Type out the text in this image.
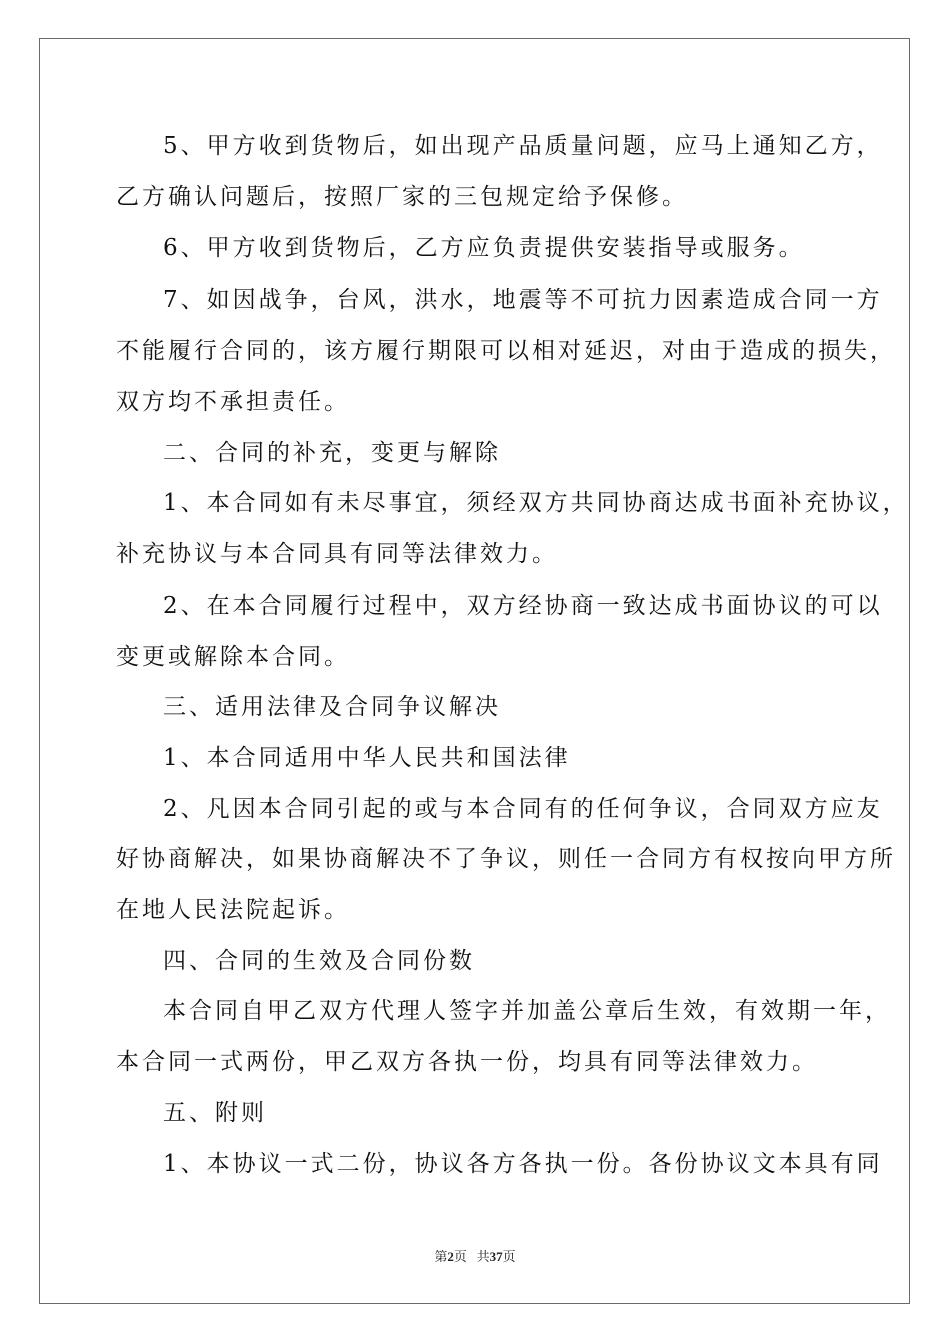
5、甲方收到货物后，如出现产品质量问题，应马上通知乙方，
乙方确认问题后，按照厂家的三包规定给予保修。
6、甲方收到货物后，乙方应负责提供安装指导或服务。
7、如因战争，台风，洪水，地震等不可抗力因素造成合同一方
不能履行合同的，该方履行期限可以相对延迟，对由于造成的损失，
双方均不承担责任。
二、合同的补充，变更与解除
1、本合同如有未尽事宜，须经双方共同协商达成书面补充协议，
补充协议与本合同具有同等法律效力。
2、在本合同履行过程中，双方经协商一致达成书面协议的可以
变更或解除本合同。
三、适用法律及合同争议解决
1、本合同适用中华人民共和国法律
2、凡因本合同引起的或与本合同有的任何争议，合同双方应友
好协商解决，如果协商解决不了争议，则任一合同方有权按向甲方所
在地人民法院起诉。
四、合同的生效及合同份数
本合同自甲乙双方代理人签字并加盖公章后生效，有效期一年，
本合同一式两份，甲乙双方各执一份，均具有同等法律效力。
五、附则
1、本协议一式二份，协议各方各执一份。各份协议文本具有同
第2页 共37页
